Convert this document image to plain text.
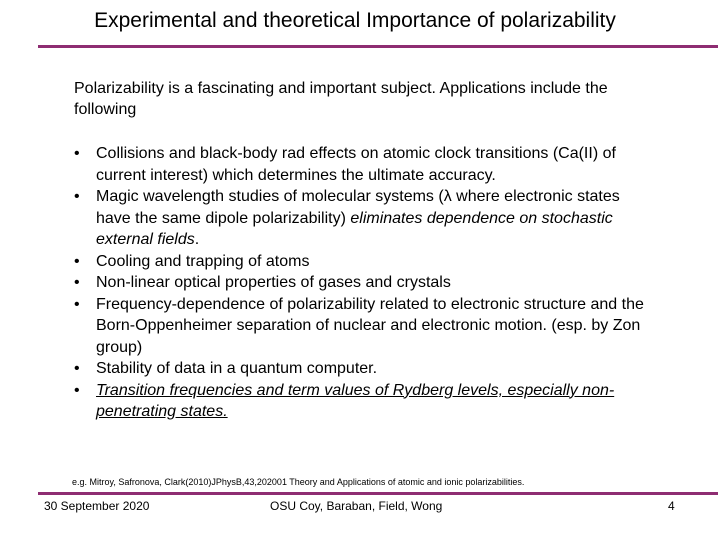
Experimental and theoretical Importance of polarizability
Polarizability is a fascinating and important subject. Applications include the following
• Collisions and black-body rad effects on atomic clock transitions (Ca(II) of current interest) which determines the ultimate accuracy.
• Magic wavelength studies of molecular systems (λ where electronic states have the same dipole polarizability) eliminates dependence on stochastic external fields.
• Cooling and trapping of atoms
• Non-linear optical properties of gases and crystals
• Frequency-dependence of polarizability related to electronic structure and the Born-Oppenheimer separation of nuclear and electronic motion. (esp. by Zon group)
• Stability of data in a quantum computer.
• Transition frequencies and term values of Rydberg levels, especially non-penetrating states.
e.g. Mitroy, Safronova, Clark(2010)JPhysB,43,202001 Theory and Applications of atomic and ionic polarizabilities.
30 September 2020	OSU Coy, Baraban, Field, Wong	4
